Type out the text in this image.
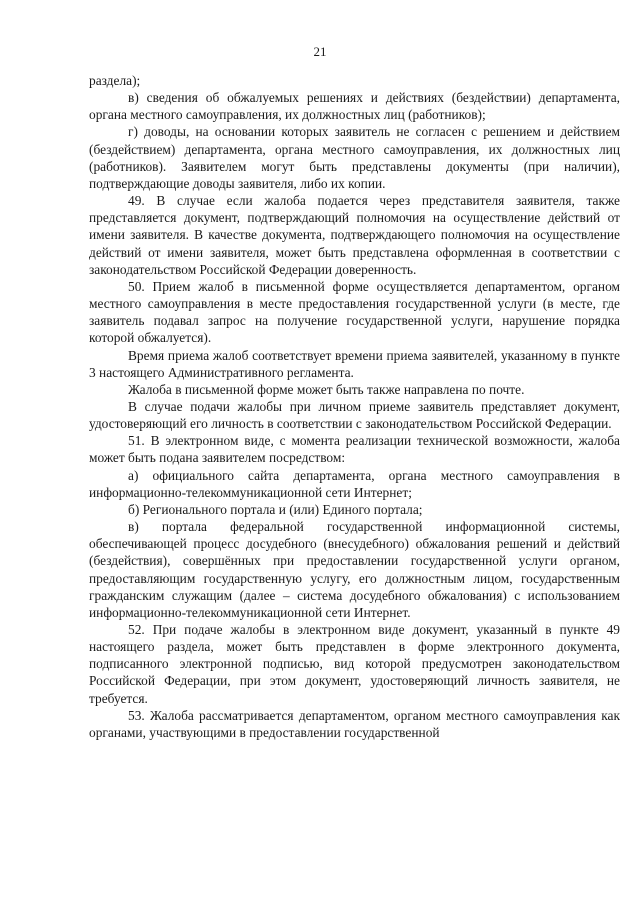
21

раздела);

в) сведения об обжалуемых решениях и действиях (бездействии) департамента, органа местного самоуправления, их должностных лиц (работников);

г) доводы, на основании которых заявитель не согласен с решением и действием (бездействием) департамента, органа местного самоуправления, их должностных лиц (работников). Заявителем могут быть представлены документы (при наличии), подтверждающие доводы заявителя, либо их копии.

49. В случае если жалоба подается через представителя заявителя, также представляется документ, подтверждающий полномочия на осуществление действий от имени заявителя. В качестве документа, подтверждающего полномочия на осуществление действий от имени заявителя, может быть представлена оформленная в соответствии с законодательством Российской Федерации доверенность.

50. Прием жалоб в письменной форме осуществляется департаментом, органом местного самоуправления в месте предоставления государственной услуги (в месте, где заявитель подавал запрос на получение государственной услуги, нарушение порядка которой обжалуется).

Время приема жалоб соответствует времени приема заявителей, указанному в пункте 3 настоящего Административного регламента.

Жалоба в письменной форме может быть также направлена по почте.

В случае подачи жалобы при личном приеме заявитель представляет документ, удостоверяющий его личность в соответствии с законодательством Российской Федерации.

51. В электронном виде, с момента реализации технической возможности, жалоба может быть подана заявителем посредством:

а) официального сайта департамента, органа местного самоуправления в информационно-телекоммуникационной сети Интернет;

б) Регионального портала и (или) Единого портала;

в) портала федеральной государственной информационной системы, обеспечивающей процесс досудебного (внесудебного) обжалования решений и действий (бездействия), совершённых при предоставлении государственной услуги органом, предоставляющим государственную услугу, его должностным лицом, государственным гражданским служащим (далее – система досудебного обжалования) с использованием информационно-телекоммуникационной сети Интернет.

52. При подаче жалобы в электронном виде документ, указанный в пункте 49 настоящего раздела, может быть представлен в форме электронного документа, подписанного электронной подписью, вид которой предусмотрен законодательством Российской Федерации, при этом документ, удостоверяющий личность заявителя, не требуется.

53. Жалоба рассматривается департаментом, органом местного самоуправления как органами, участвующими в предоставлении государственной
